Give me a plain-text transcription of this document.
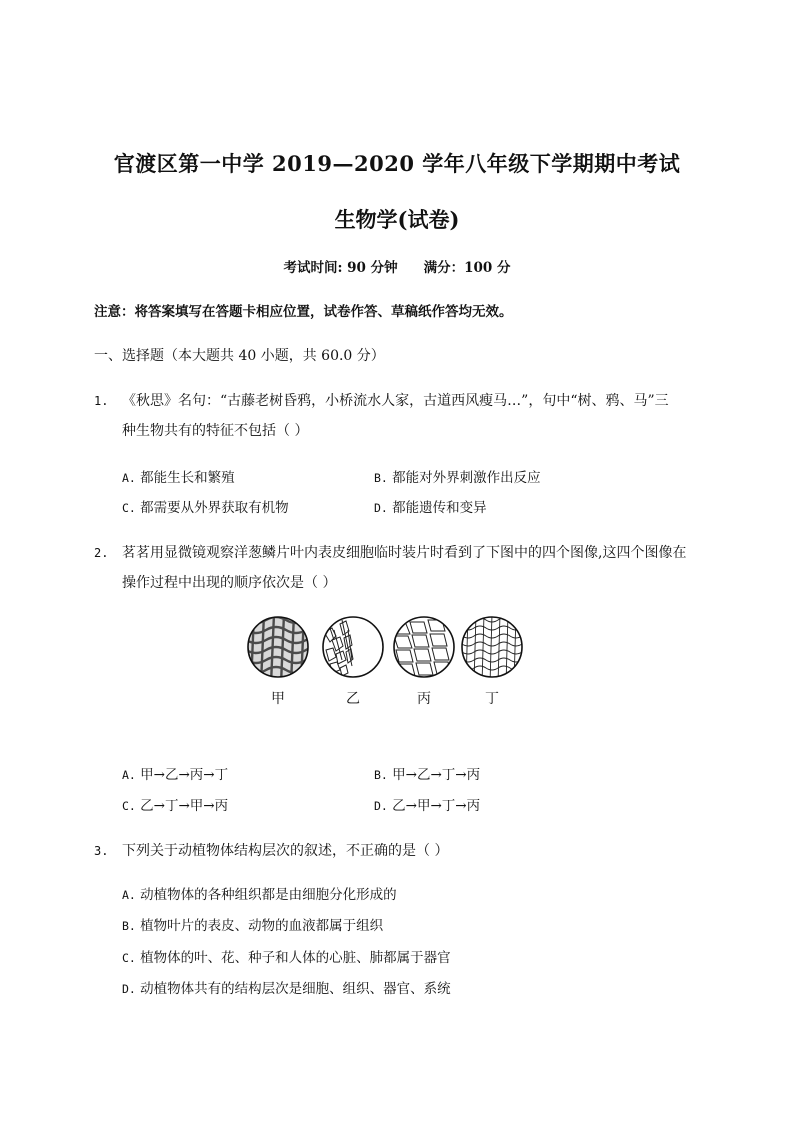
官渡区第一中学 2019—2020 学年八年级下学期期中考试
生物学(试卷)
考试时间: 90 分钟 满分：100 分
注意：将答案填写在答题卡相应位置，试卷作答、草稿纸作答均无效。
一、选择题（本大题共 40 小题，共 60.0 分）
1. 《秋思》名句：“古藤老树昏鸦，小桥流水人家，古道西风瘦马…”，句中“树、鸦、马”三
种生物共有的特征不包括（ ）
A. 都能生长和繁殖	B. 都能对外界刺激作出反应
C. 都需要从外界获取有机物	D. 都能遗传和变异
2. 茗茗用显微镜观察洋葱鳞片叶内表皮细胞临时装片时看到了下图中的四个图像,这四个图像在
操作过程中出现的顺序依次是（ ）
甲	乙	丙	丁
A. 甲→乙→丙→丁	B. 甲→乙→丁→丙
C. 乙→丁→甲→丙	D. 乙→甲→丁→丙
3. 下列关于动植物体结构层次的叙述，不正确的是（ ）
A. 动植物体的各种组织都是由细胞分化形成的
B. 植物叶片的表皮、动物的血液都属于组织
C. 植物体的叶、花、种子和人体的心脏、肺都属于器官
D. 动植物体共有的结构层次是细胞、组织、器官、系统
